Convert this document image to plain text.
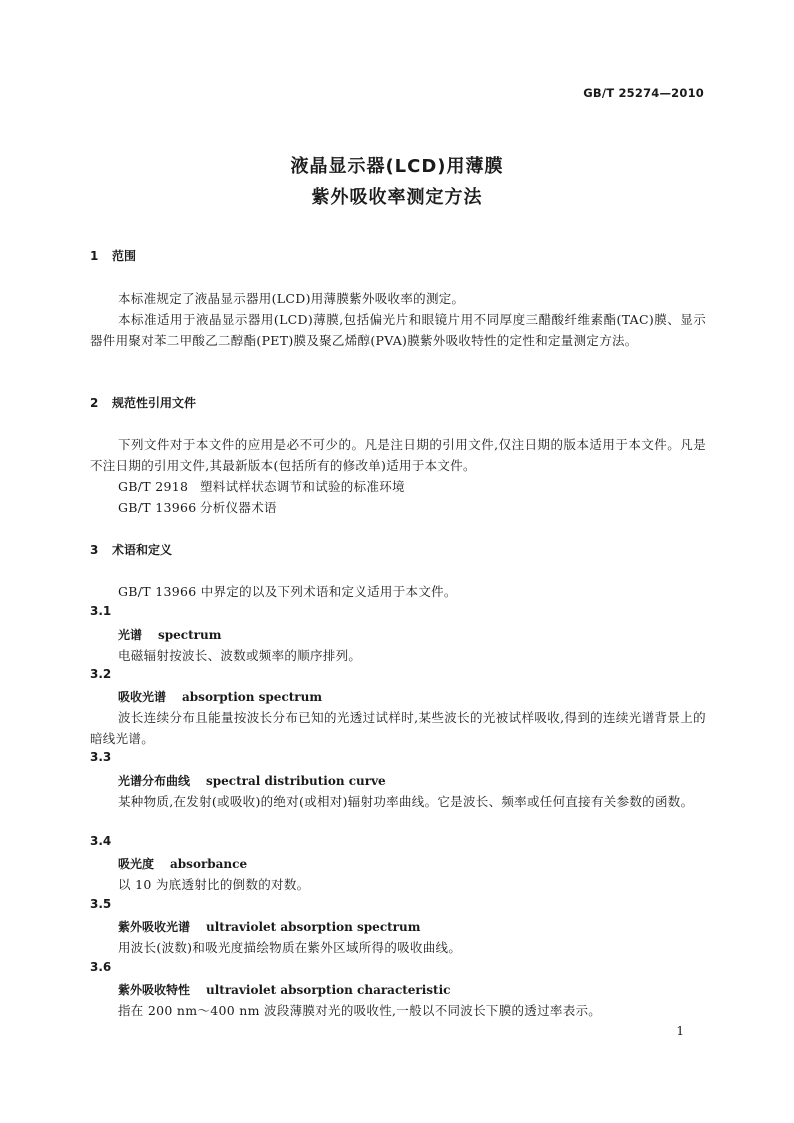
GB/T 25274—2010
液晶显示器(LCD)用薄膜
紫外吸收率测定方法
1 范围
本标准规定了液晶显示器用(LCD)用薄膜紫外吸收率的测定。
本标准适用于液晶显示器用(LCD)薄膜,包括偏光片和眼镜片用不同厚度三醋酸纤维素酯(TAC)膜、显示器件用聚对苯二甲酸乙二醇酯(PET)膜及聚乙烯醇(PVA)膜紫外吸收特性的定性和定量测定方法。
2 规范性引用文件
下列文件对于本文件的应用是必不可少的。凡是注日期的引用文件,仅注日期的版本适用于本文件。凡是不注日期的引用文件,其最新版本(包括所有的修改单)适用于本文件。
GB/T 2918 塑料试样状态调节和试验的标准环境
GB/T 13966 分析仪器术语
3 术语和定义
GB/T 13966 中界定的以及下列术语和定义适用于本文件。
3.1
光谱 spectrum
电磁辐射按波长、波数或频率的顺序排列。
3.2
吸收光谱 absorption spectrum
波长连续分布且能量按波长分布已知的光透过试样时,某些波长的光被试样吸收,得到的连续光谱背景上的暗线光谱。
3.3
光谱分布曲线 spectral distribution curve
某种物质,在发射(或吸收)的绝对(或相对)辐射功率曲线。它是波长、频率或任何直接有关参数的函数。
3.4
吸光度 absorbance
以 10 为底透射比的倒数的对数。
3.5
紫外吸收光谱 ultraviolet absorption spectrum
用波长(波数)和吸光度描绘物质在紫外区域所得的吸收曲线。
3.6
紫外吸收特性 ultraviolet absorption characteristic
指在 200 nm～400 nm 波段薄膜对光的吸收性,一般以不同波长下膜的透过率表示。
1
